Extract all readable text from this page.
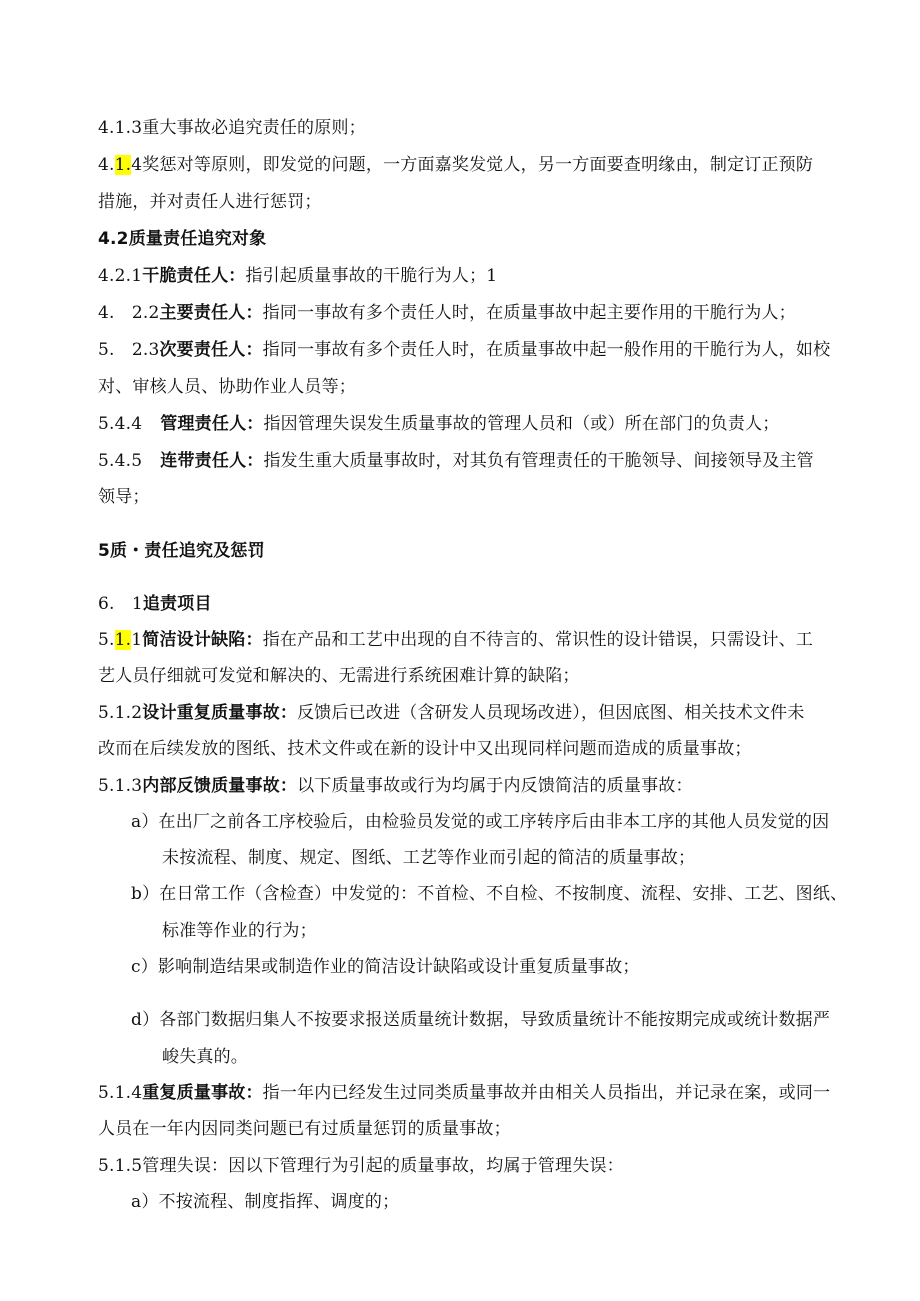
4.1.3重大事故必追究责任的原则；
4.1.4奖惩对等原则，即发觉的问题，一方面嘉奖发觉人，另一方面要查明缘由，制定订正预防
措施，并对责任人进行惩罚；
4.2质量责任追究对象
4.2.1干脆责任人：指引起质量事故的干脆行为人；1
4.　2.2主要责任人：指同一事故有多个责任人时，在质量事故中起主要作用的干脆行为人；
5.　2.3次要责任人：指同一事故有多个责任人时，在质量事故中起一般作用的干脆行为人，如校
对、审核人员、协助作业人员等；
5.4.4 管理责任人：指因管理失误发生质量事故的管理人员和（或）所在部门的负责人；
5.4.5 连带责任人：指发生重大质量事故时，对其负有管理责任的干脆领导、间接领导及主管
领导；
5质・责任追究及惩罚
6.　1追责项目
5.1.1简洁设计缺陷：指在产品和工艺中出现的自不待言的、常识性的设计错误，只需设计、工
艺人员仔细就可发觉和解决的、无需进行系统困难计算的缺陷；
5.1.2设计重复质量事故：反馈后已改进（含研发人员现场改进），但因底图、相关技术文件未
改而在后续发放的图纸、技术文件或在新的设计中又出现同样问题而造成的质量事故；
5.1.3内部反馈质量事故：以下质量事故或行为均属于内反馈简洁的质量事故：
a）在出厂之前各工序校验后，由检验员发觉的或工序转序后由非本工序的其他人员发觉的因
未按流程、制度、规定、图纸、工艺等作业而引起的简洁的质量事故；
b）在日常工作（含检查）中发觉的：不首检、不自检、不按制度、流程、安排、工艺、图纸、
标准等作业的行为；
c）影响制造结果或制造作业的简洁设计缺陷或设计重复质量事故；
d）各部门数据归集人不按要求报送质量统计数据，导致质量统计不能按期完成或统计数据严
峻失真的。
5.1.4重复质量事故：指一年内已经发生过同类质量事故并由相关人员指出，并记录在案，或同一
人员在一年内因同类问题已有过质量惩罚的质量事故；
5.1.5管理失误：因以下管理行为引起的质量事故，均属于管理失误：
a）不按流程、制度指挥、调度的；
